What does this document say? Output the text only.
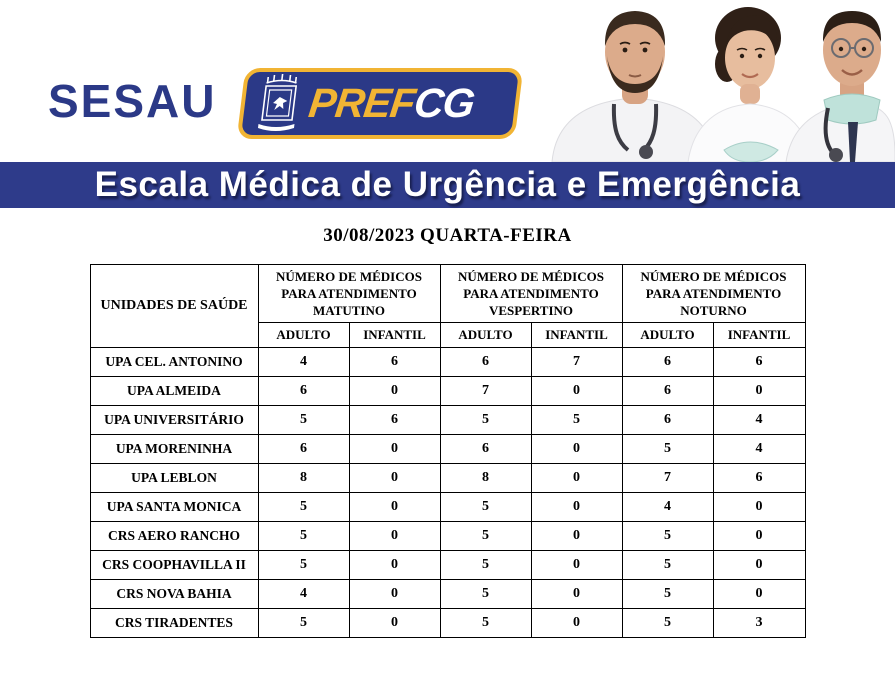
SESAU PREFCG
Escala Médica de Urgência e Emergência
30/08/2023 QUARTA-FEIRA
UNIDADES DE SAÚDE	NÚMERO DE MÉDICOS PARA ATENDIMENTO MATUTINO		NÚMERO DE MÉDICOS PARA ATENDIMENTO VESPERTINO		NÚMERO DE MÉDICOS PARA ATENDIMENTO NOTURNO	
	ADULTO	INFANTIL	ADULTO	INFANTIL	ADULTO	INFANTIL
UPA CEL. ANTONINO	4	6	6	7	6	6
UPA ALMEIDA	6	0	7	0	6	0
UPA UNIVERSITÁRIO	5	6	5	5	6	4
UPA MORENINHA	6	0	6	0	5	4
UPA LEBLON	8	0	8	0	7	6
UPA SANTA MONICA	5	0	5	0	4	0
CRS AERO RANCHO	5	0	5	0	5	0
CRS COOPHAVILLA II	5	0	5	0	5	0
CRS NOVA BAHIA	4	0	5	0	5	0
CRS TIRADENTES	5	0	5	0	5	3
